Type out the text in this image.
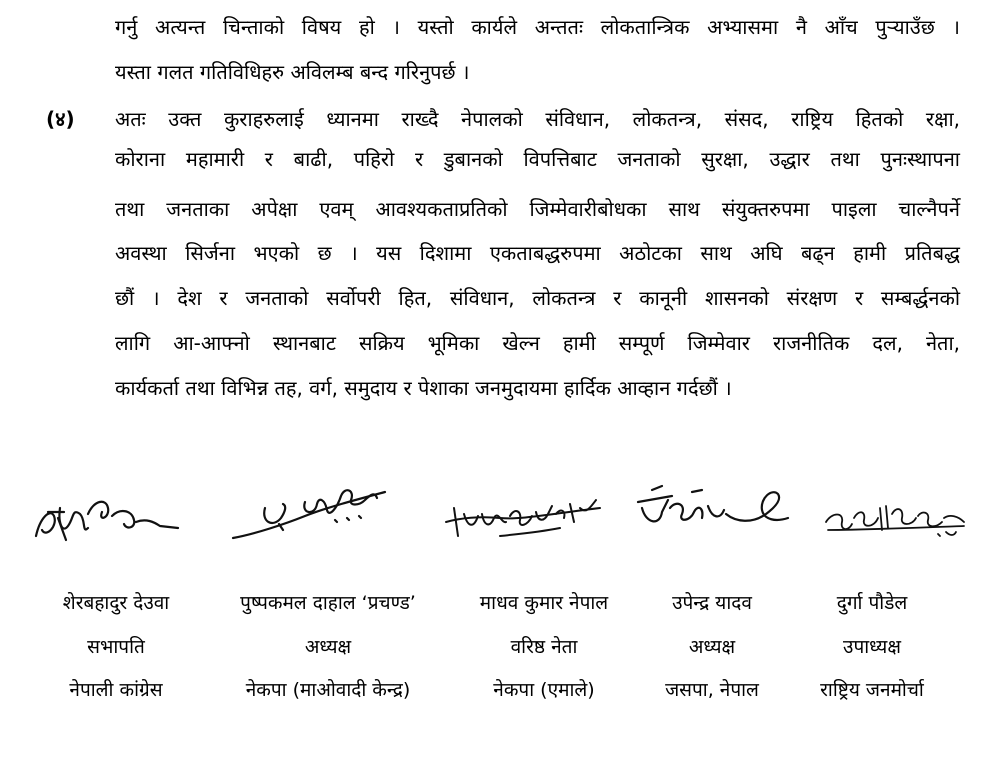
गर्नु अत्यन्त चिन्ताको विषय हो । यस्तो कार्यले अन्ततः लोकतान्त्रिक अभ्यासमा नै आँच पुर्‍याउँछ ।
यस्ता गलत गतिविधिहरु अविलम्ब बन्द गरिनुपर्छ ।
(४) अतः उक्त कुराहरुलाई ध्यानमा राख्दै नेपालको संविधान, लोकतन्त्र, संसद, राष्ट्रिय हितको रक्षा,
कोराना महामारी र बाढी, पहिरो र डुबानको विपत्तिबाट जनताको सुरक्षा, उद्धार तथा पुनःस्थापना
तथा जनताका अपेक्षा एवम् आवश्यकताप्रतिको जिम्मेवारीबोधका साथ संयुक्तरुपमा पाइला चाल्नैपर्ने
अवस्था सिर्जना भएको छ । यस दिशामा एकताबद्धरुपमा अठोटका साथ अघि बढ्न हामी प्रतिबद्ध
छौं । देश र जनताको सर्वोपरी हित, संविधान, लोकतन्त्र र कानूनी शासनको संरक्षण र सम्बर्द्धनको
लागि आ-आफ्नो स्थानबाट सक्रिय भूमिका खेल्न हामी सम्पूर्ण जिम्मेवार राजनीतिक दल, नेता,
कार्यकर्ता तथा विभिन्न तह, वर्ग, समुदाय र पेशाका जनमुदायमा हार्दिक आव्हान गर्दछौं ।
शेरबहादुर देउवा
सभापति
नेपाली कांग्रेस
पुष्पकमल दाहाल ‘प्रचण्ड’
अध्यक्ष
नेकपा (माओवादी केन्द्र)
माधव कुमार नेपाल
वरिष्ठ नेता
नेकपा (एमाले)
उपेन्द्र यादव
अध्यक्ष
जसपा, नेपाल
दुर्गा पौडेल
उपाध्यक्ष
राष्ट्रिय जनमोर्चा
